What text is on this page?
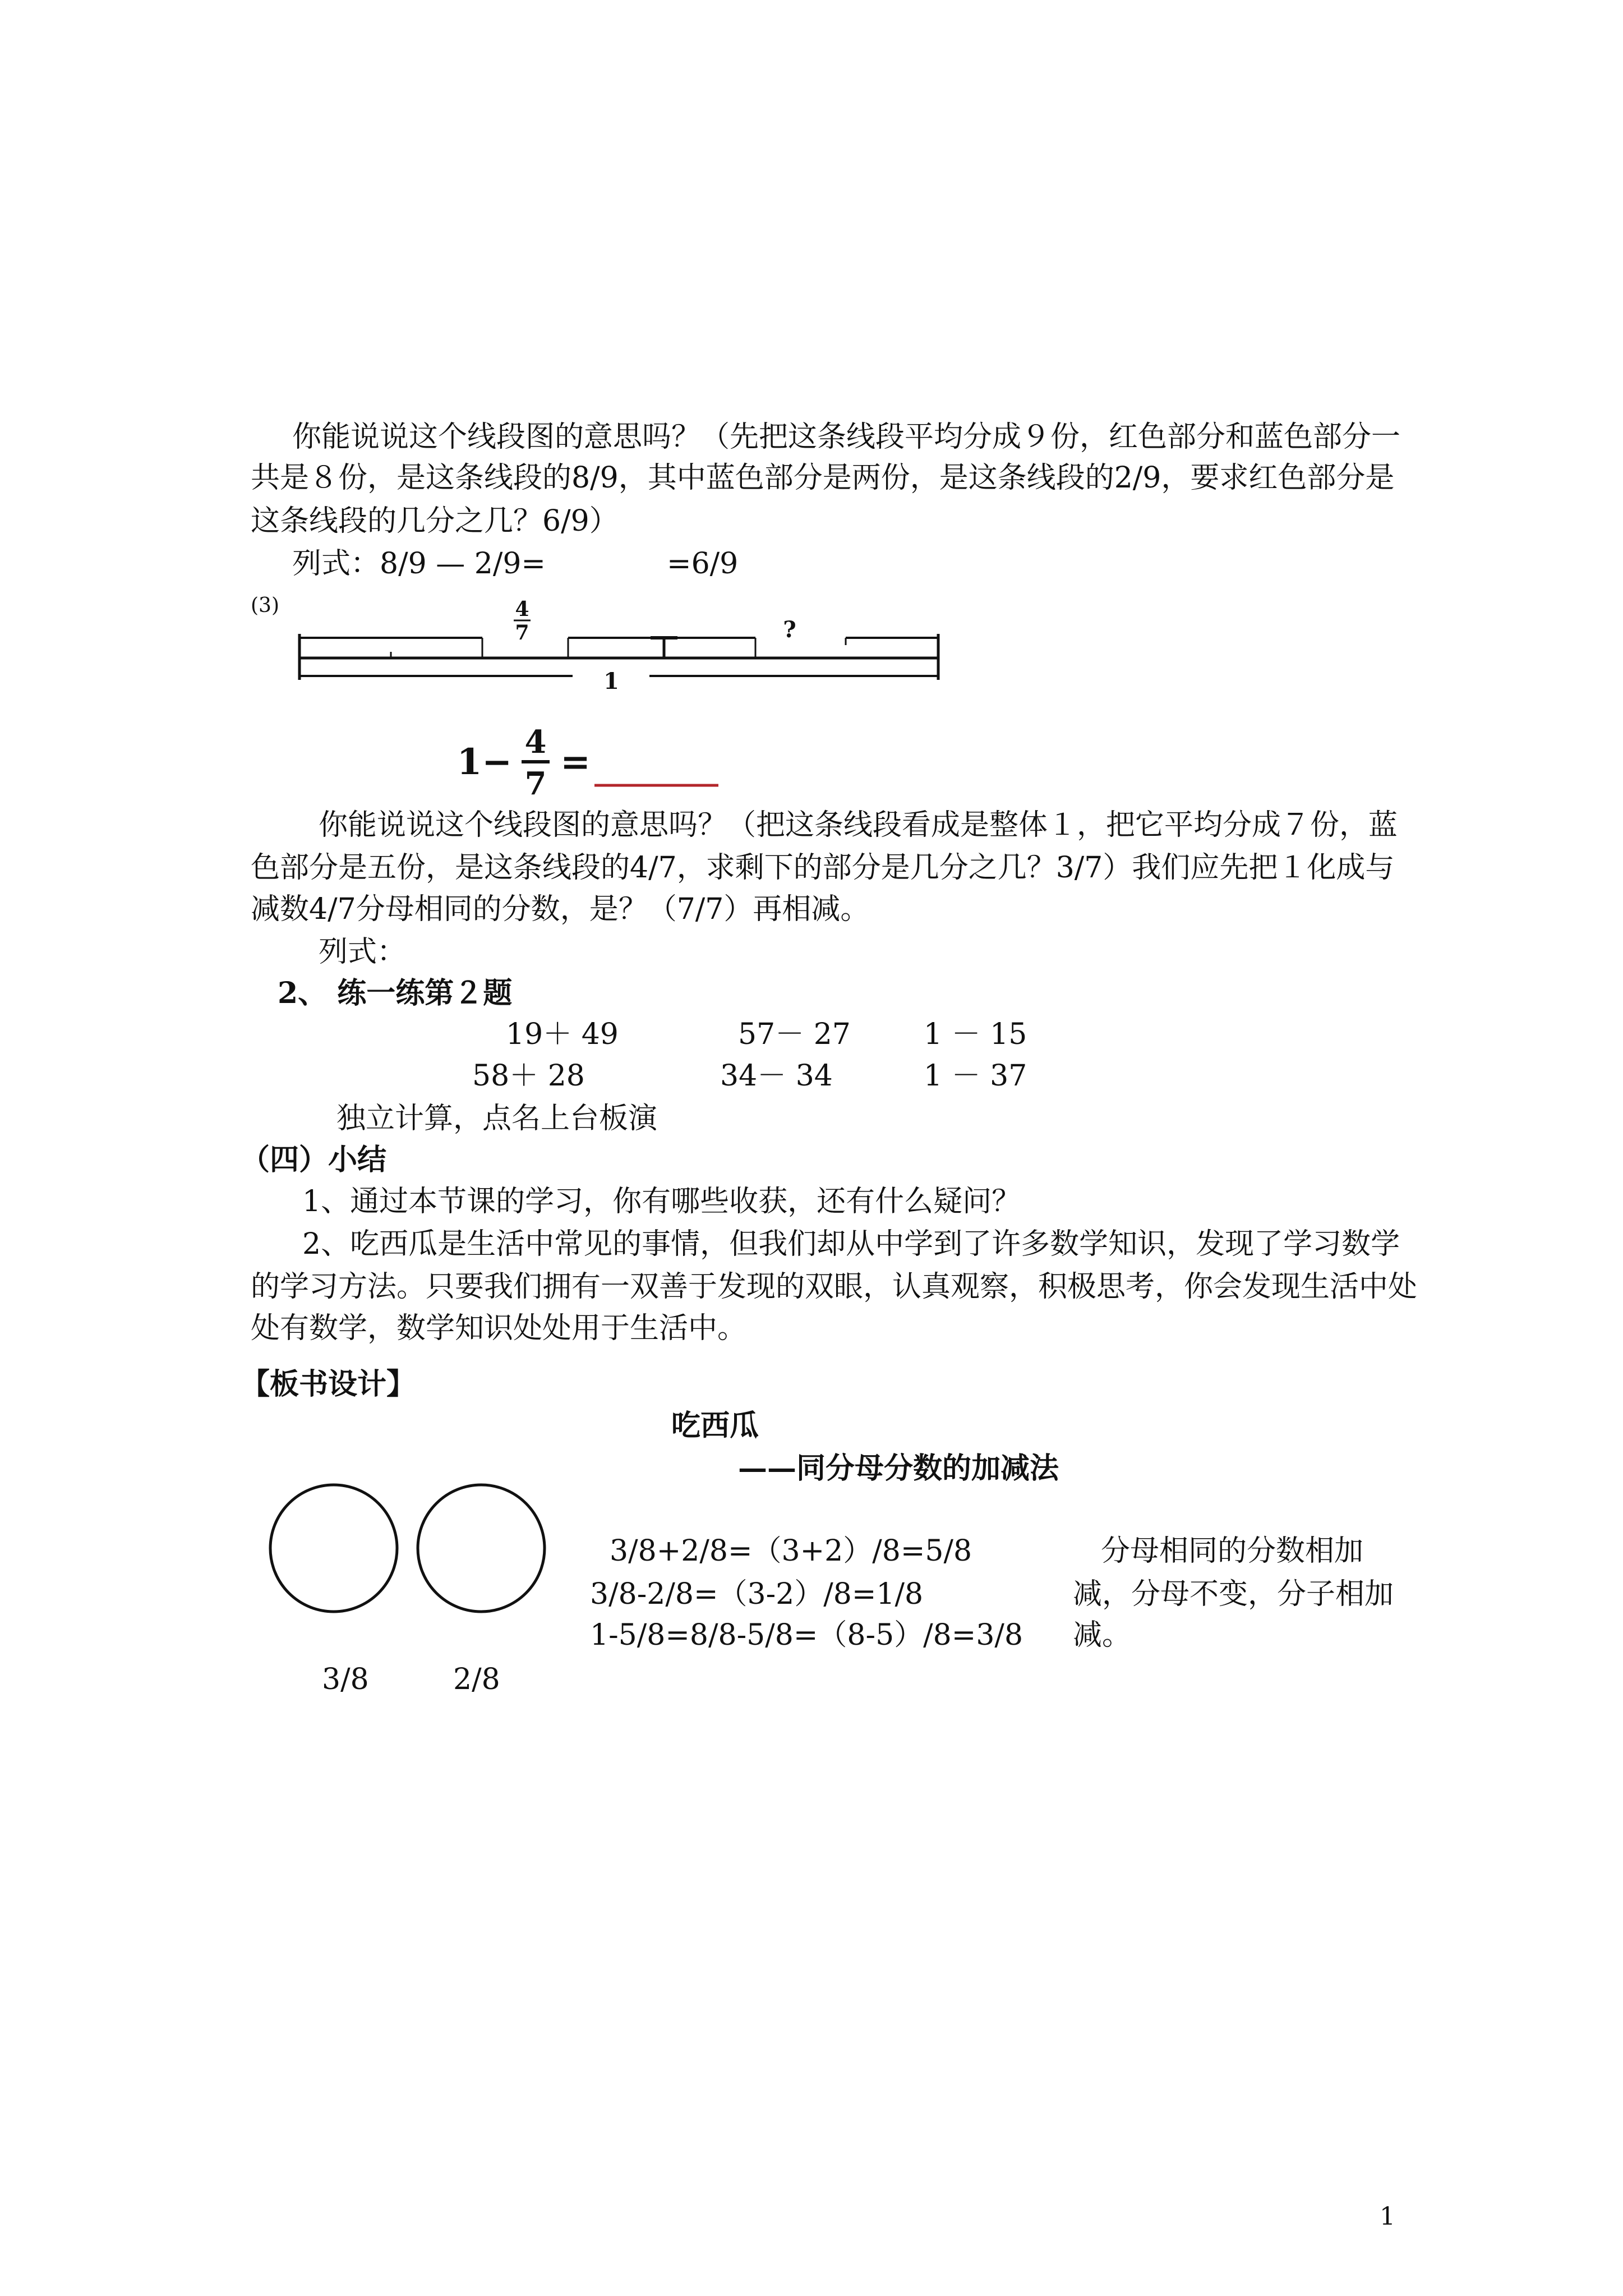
你能说说这个线段图的意思吗？（先把这条线段平均分成９份，红色部分和蓝色部分一
共是８份，是这条线段的8/9，其中蓝色部分是两份，是这条线段的2/9，要求红色部分是
这条线段的几分之几？6/9）
列式：8/9 — 2/9=	=6/9
(3)	4
7	?
1
1 − 4
7
=
你能说说这个线段图的意思吗？（把这条线段看成是整体１，把它平均分成７份，蓝
色部分是五份，是这条线段的4/7，求剩下的部分是几分之几？3/7）我们应先把１化成与
减数4/7分母相同的分数，是？（7/7）再相减。
列式：
2、 练一练第２题
19＋ 49	57－ 27	1 － 15
58＋ 28	34－ 34	1 － 37
独立计算，点名上台板演
（四）小结
1、通过本节课的学习，你有哪些收获，还有什么疑问？
2、吃西瓜是生活中常见的事情，但我们却从中学到了许多数学知识，发现了学习数学
的学习方法。只要我们拥有一双善于发现的双眼，认真观察，积极思考，你会发现生活中处
处有数学，数学知识处处用于生活中。
【板书设计】
吃西瓜
——同分母分数的加减法
3/8+2/8=（3+2）/8=5/8
3/8-2/8=（3-2）/8=1/8
1-5/8=8/8-5/8=（8-5）/8=3/8
分母相同的分数相加
减，分母不变，分子相加
减。
3/8	2/8
1
